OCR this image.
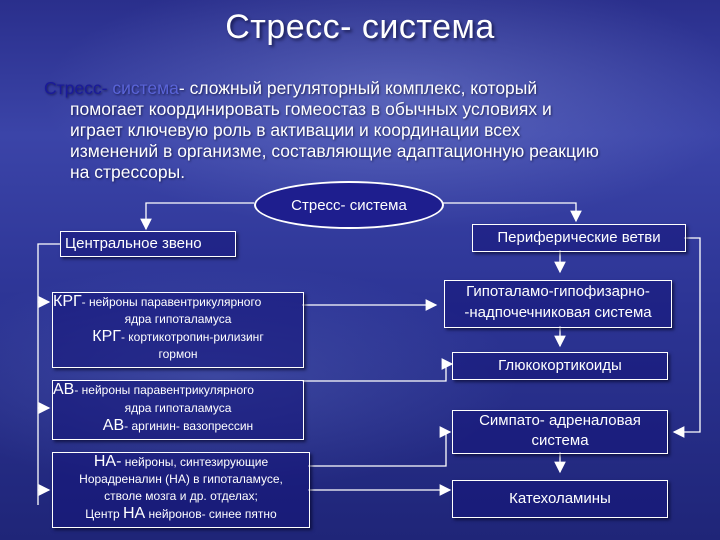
Стресс- система
Стресс- система- сложный регуляторный комплекс, который
помогает координировать гомеостаз в обычных условиях и
играет ключевую роль в активации и координации всех
изменений в организме, составляющие адаптационную реакцию
на стрессоры.
Стресс- система
Центральное звено
КРГ- нейроны паравентрикулярного
ядра гипоталамуса
КРГ- кортикотропин-рилизинг
гормон
АВ- нейроны паравентрикулярного
ядра гипоталамуса
АВ- аргинин- вазопрессин
НА- нейроны, синтезирующие
Норадреналин (НА) в гипоталамусе,
стволе мозга и др. отделах;
Центр НА нейронов- синее пятно
Периферические ветви
Гипоталамо-гипофизарно-
-надпочечниковая система
Глюкокортикоиды
Симпато- адреналовая
система
Катехоламины
